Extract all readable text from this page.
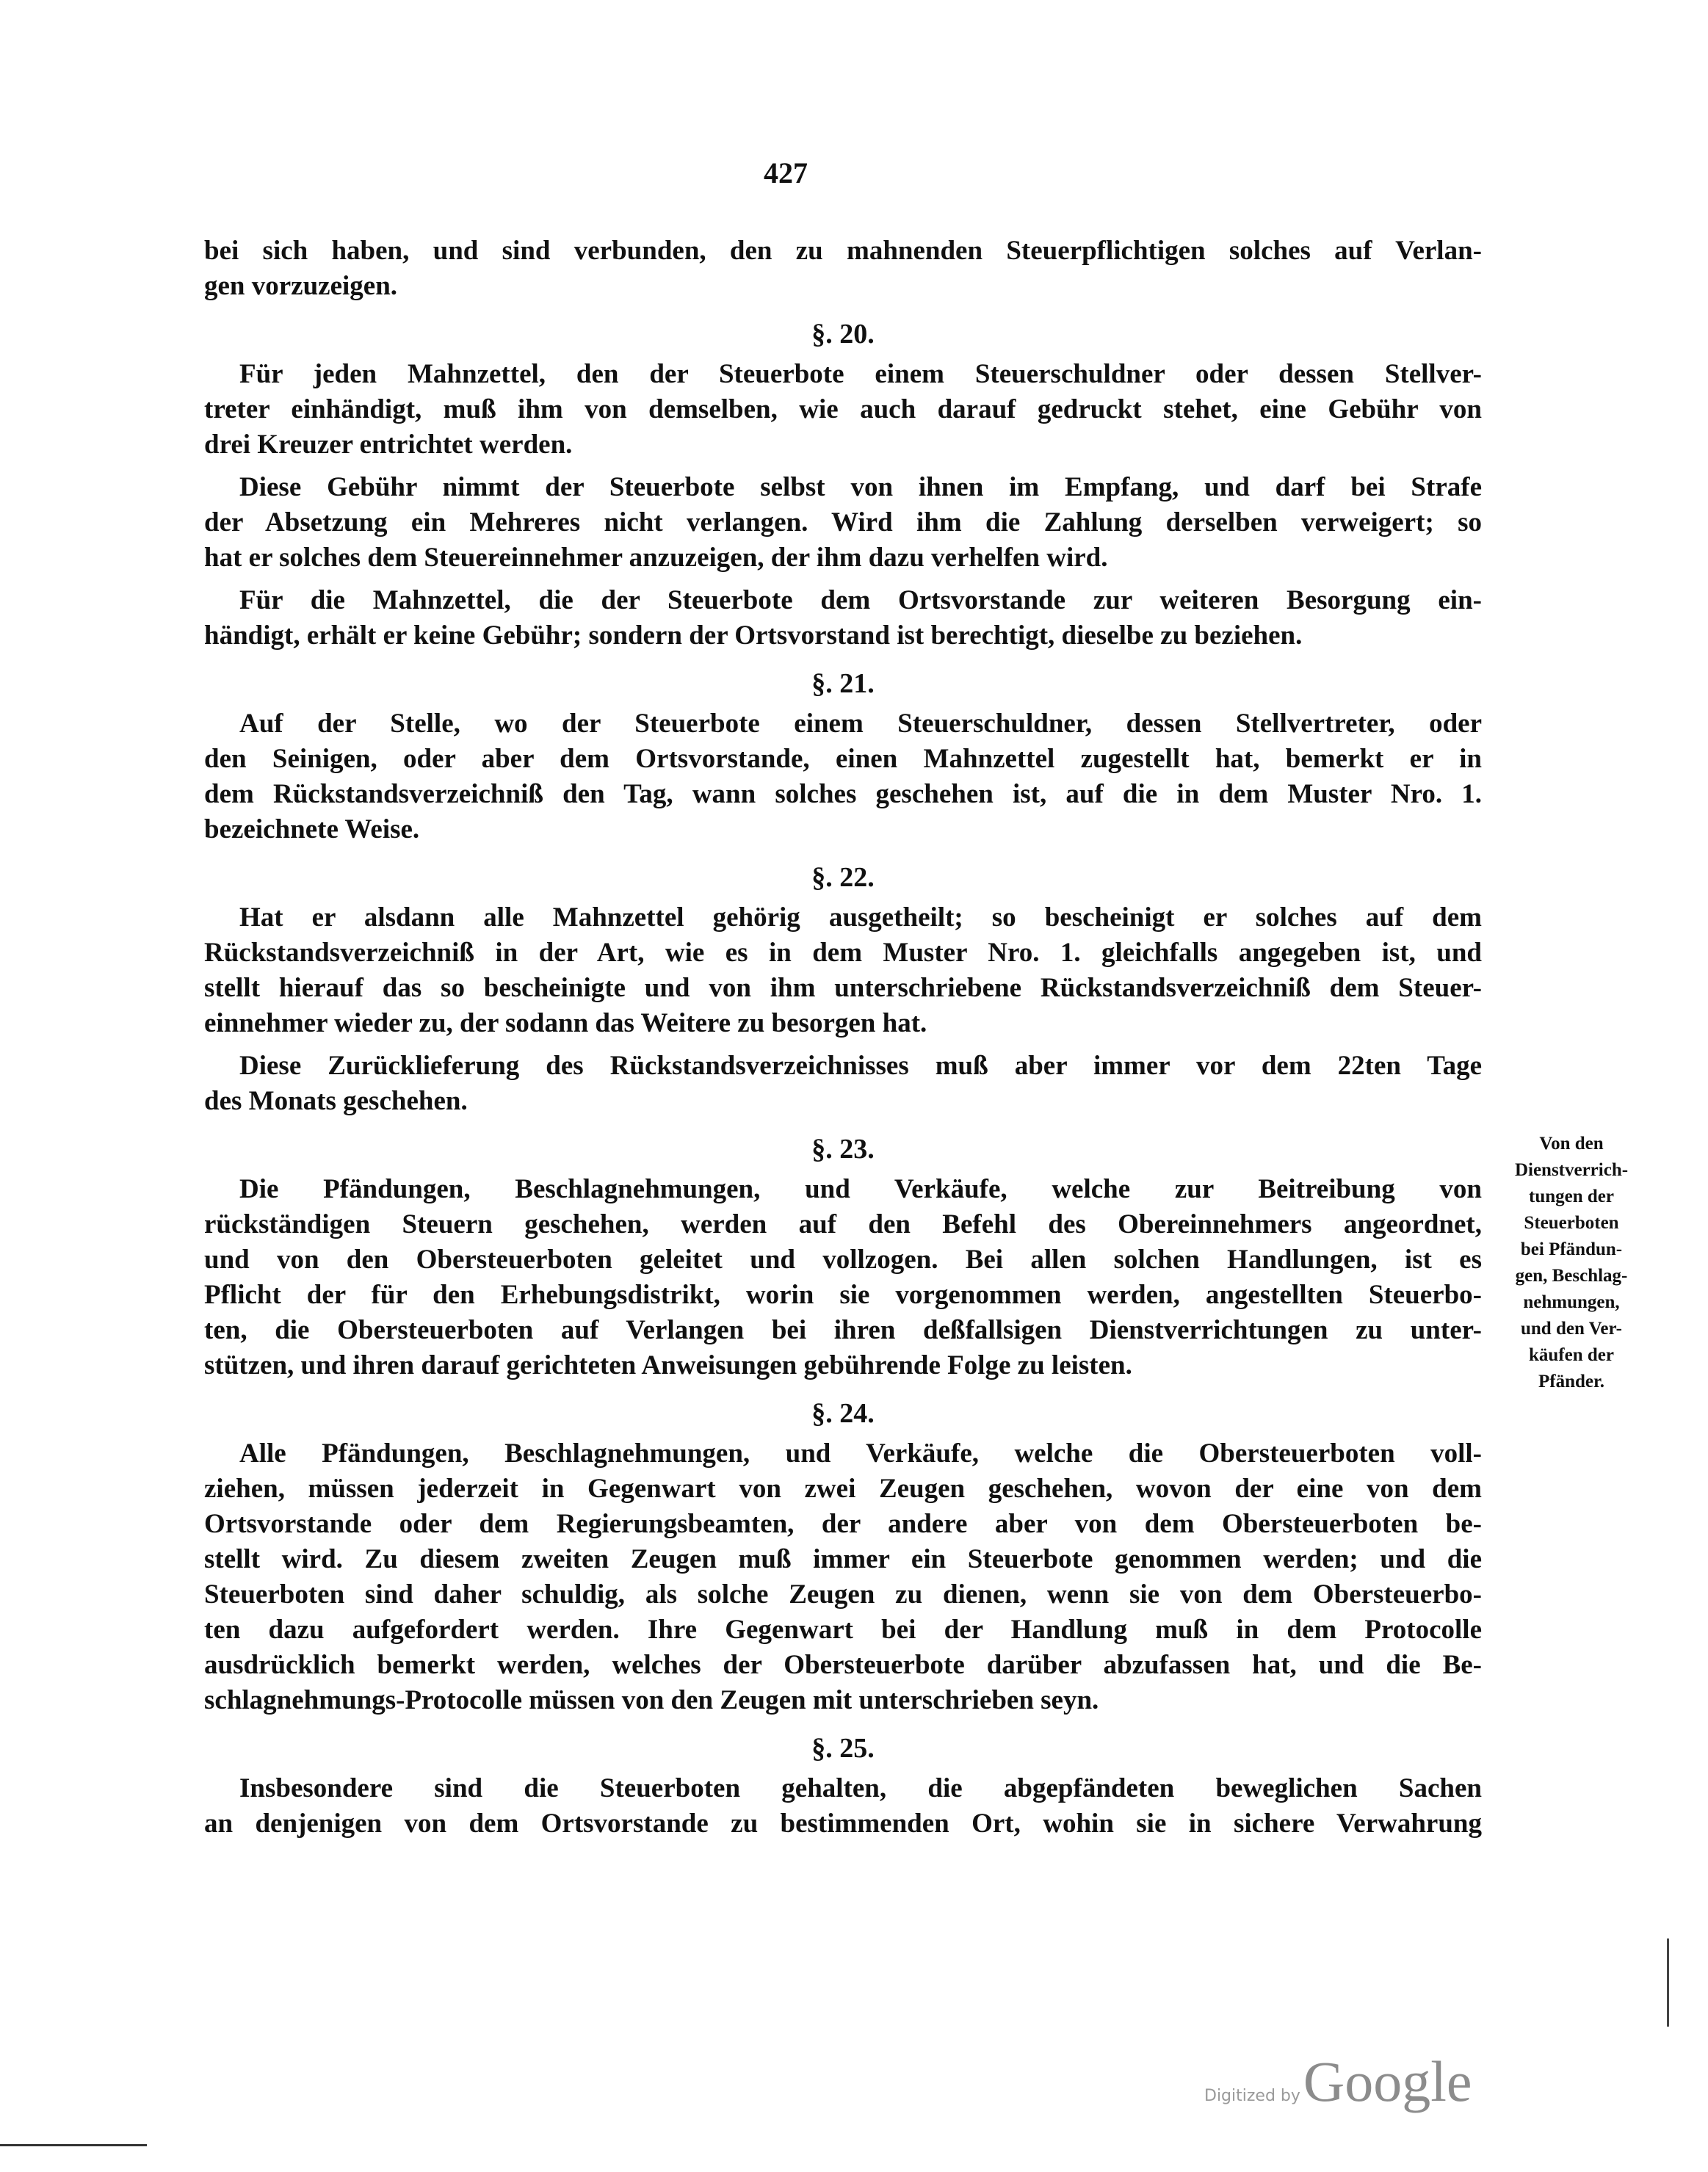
427
bei sich haben, und sind verbunden, den zu mahnenden Steuerpflichtigen solches auf Verlan-
gen vorzuzeigen.
§. 20.
Für jeden Mahnzettel, den der Steuerbote einem Steuerschuldner oder dessen Stellver-
treter einhändigt, muß ihm von demselben, wie auch darauf gedruckt stehet, eine Gebühr von
drei Kreuzer entrichtet werden.
Diese Gebühr nimmt der Steuerbote selbst von ihnen im Empfang, und darf bei Strafe
der Absetzung ein Mehreres nicht verlangen. Wird ihm die Zahlung derselben verweigert; so
hat er solches dem Steuereinnehmer anzuzeigen, der ihm dazu verhelfen wird.
Für die Mahnzettel, die der Steuerbote dem Ortsvorstande zur weiteren Besorgung ein-
händigt, erhält er keine Gebühr; sondern der Ortsvorstand ist berechtigt, dieselbe zu beziehen.
§. 21.
Auf der Stelle, wo der Steuerbote einem Steuerschuldner, dessen Stellvertreter, oder
den Seinigen, oder aber dem Ortsvorstande, einen Mahnzettel zugestellt hat, bemerkt er in
dem Rückstandsverzeichniß den Tag, wann solches geschehen ist, auf die in dem Muster Nro. 1.
bezeichnete Weise.
§. 22.
Hat er alsdann alle Mahnzettel gehörig ausgetheilt; so bescheinigt er solches auf dem
Rückstandsverzeichniß in der Art, wie es in dem Muster Nro. 1. gleichfalls angegeben ist, und
stellt hierauf das so bescheinigte und von ihm unterschriebene Rückstandsverzeichniß dem Steuer-
einnehmer wieder zu, der sodann das Weitere zu besorgen hat.
Diese Zurücklieferung des Rückstandsverzeichnisses muß aber immer vor dem 22ten Tage
des Monats geschehen.
§. 23.
Die Pfändungen, Beschlagnehmungen, und Verkäufe, welche zur Beitreibung von
rückständigen Steuern geschehen, werden auf den Befehl des Obereinnehmers angeordnet,
und von den Obersteuerboten geleitet und vollzogen. Bei allen solchen Handlungen, ist es
Pflicht der für den Erhebungsdistrikt, worin sie vorgenommen werden, angestellten Steuerbo-
ten, die Obersteuerboten auf Verlangen bei ihren deßfallsigen Dienstverrichtungen zu unter-
stützen, und ihren darauf gerichteten Anweisungen gebührende Folge zu leisten.
§. 24.
Alle Pfändungen, Beschlagnehmungen, und Verkäufe, welche die Obersteuerboten voll-
ziehen, müssen jederzeit in Gegenwart von zwei Zeugen geschehen, wovon der eine von dem
Ortsvorstande oder dem Regierungsbeamten, der andere aber von dem Obersteuerboten be-
stellt wird. Zu diesem zweiten Zeugen muß immer ein Steuerbote genommen werden; und die
Steuerboten sind daher schuldig, als solche Zeugen zu dienen, wenn sie von dem Obersteuerbo-
ten dazu aufgefordert werden. Ihre Gegenwart bei der Handlung muß in dem Protocolle
ausdrücklich bemerkt werden, welches der Obersteuerbote darüber abzufassen hat, und die Be-
schlagnehmungs-Protocolle müssen von den Zeugen mit unterschrieben seyn.
§. 25.
Insbesondere sind die Steuerboten gehalten, die abgepfändeten beweglichen Sachen
an denjenigen von dem Ortsvorstande zu bestimmenden Ort, wohin sie in sichere Verwahrung
Von den
Dienstverrich-
tungen der
Steuerboten
bei Pfändun-
gen, Beschlag-
nehmungen,
und den Ver-
käufen der
Pfänder.
Digitized by Google
